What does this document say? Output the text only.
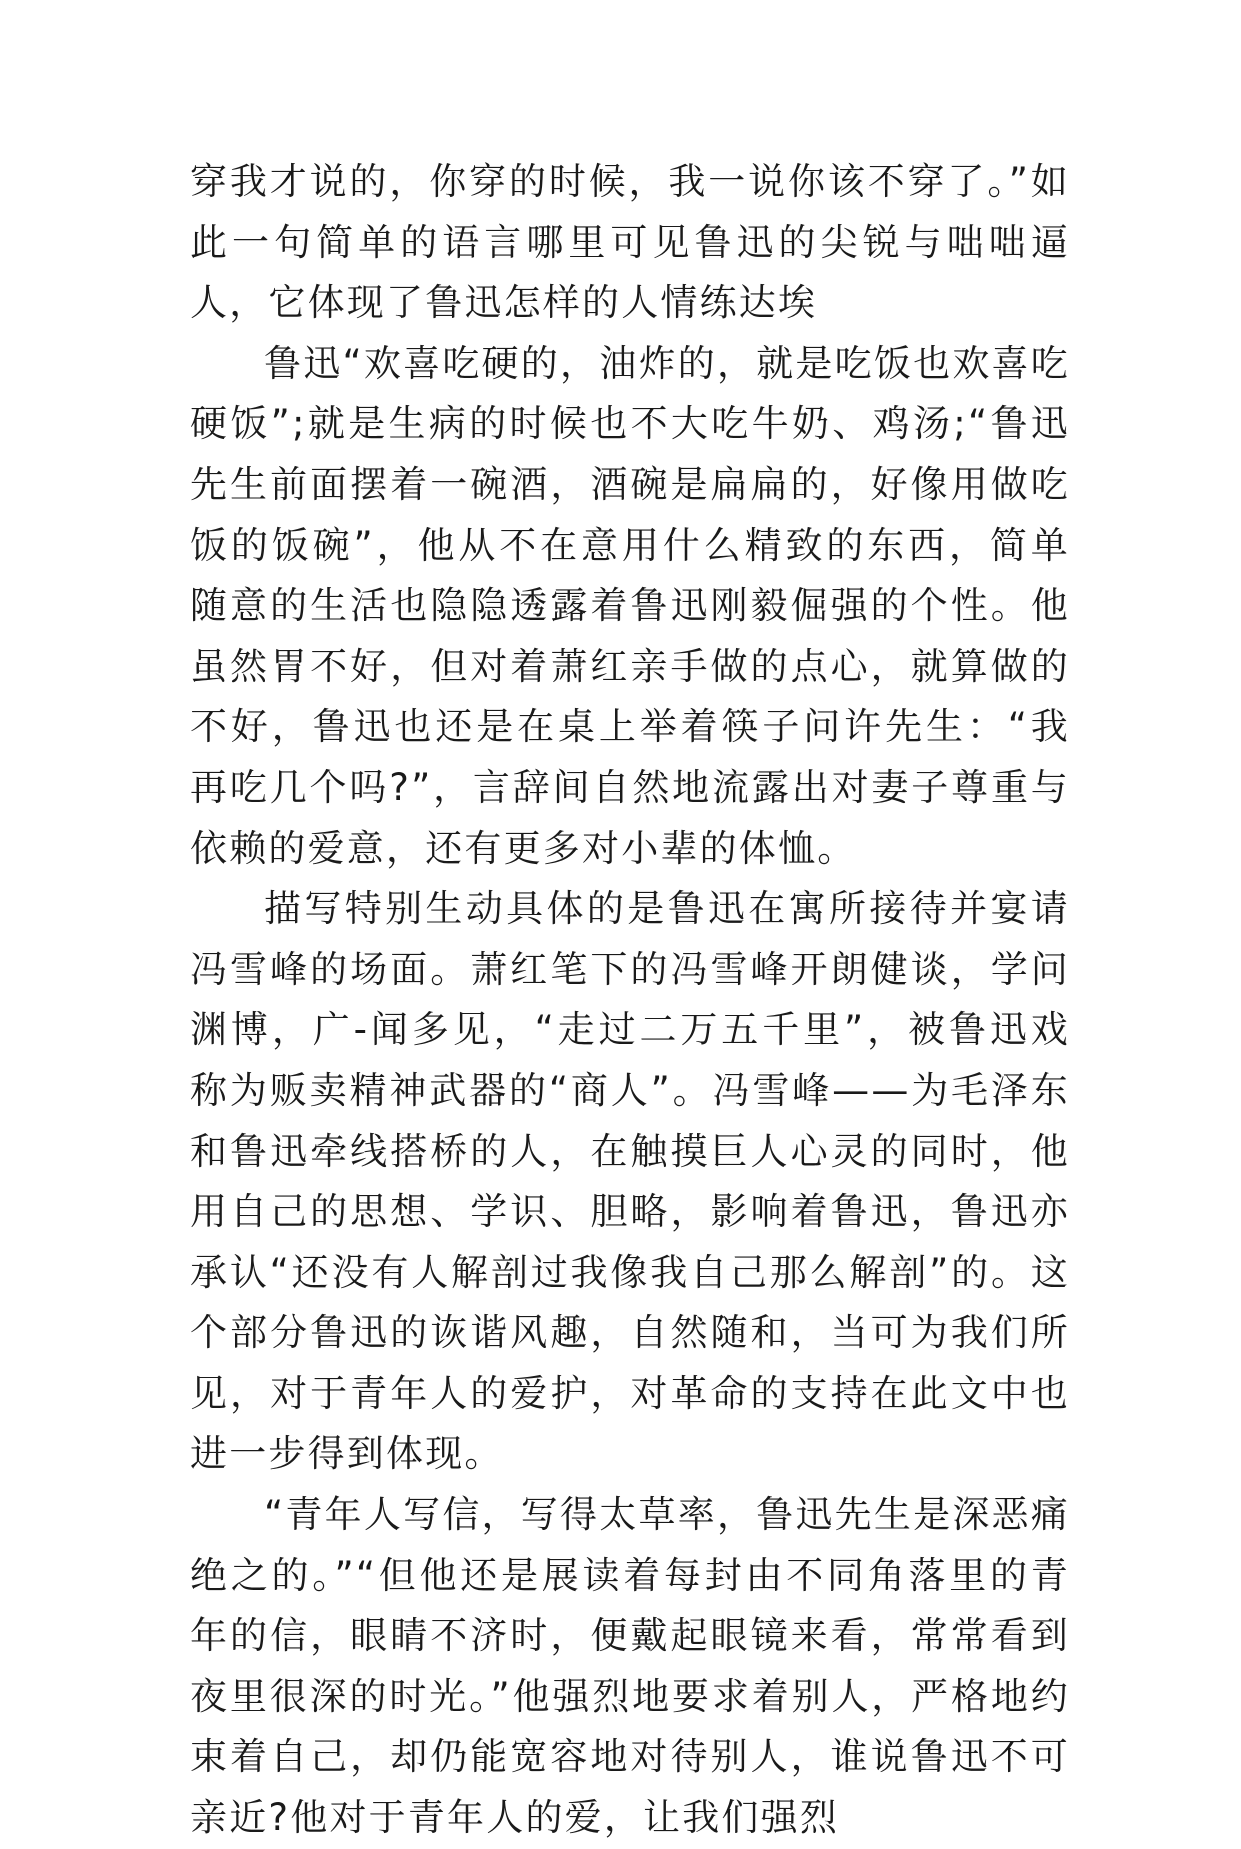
穿我才说的，你穿的时候，我一说你该不穿了。”如此一句简单的语言哪里可见鲁迅的尖锐与咄咄逼人，它体现了鲁迅怎样的人情练达埃

鲁迅“欢喜吃硬的，油炸的，就是吃饭也欢喜吃硬饭”;就是生病的时候也不大吃牛奶、鸡汤;“鲁迅先生前面摆着一碗酒，酒碗是扁扁的，好像用做吃饭的饭碗”，他从不在意用什么精致的东西，简单随意的生活也隐隐透露着鲁迅刚毅倔强的个性。他虽然胃不好，但对着萧红亲手做的点心，就算做的不好，鲁迅也还是在桌上举着筷子问许先生：“我再吃几个吗?”，言辞间自然地流露出对妻子尊重与依赖的爱意，还有更多对小辈的体恤。

描写特别生动具体的是鲁迅在寓所接待并宴请冯雪峰的场面。萧红笔下的冯雪峰开朗健谈，学问渊博，广-闻多见，“走过二万五千里”，被鲁迅戏称为贩卖精神武器的“商人”。冯雪峰——为毛泽东和鲁迅牵线搭桥的人，在触摸巨人心灵的同时，他用自己的思想、学识、胆略，影响着鲁迅，鲁迅亦承认“还没有人解剖过我像我自己那么解剖”的。这个部分鲁迅的诙谐风趣，自然随和，当可为我们所见，对于青年人的爱护，对革命的支持在此文中也进一步得到体现。

“青年人写信，写得太草率，鲁迅先生是深恶痛绝之的。”“但他还是展读着每封由不同角落里的青年的信，眼睛不济时，便戴起眼镜来看，常常看到夜里很深的时光。”他强烈地要求着别人，严格地约束着自己，却仍能宽容地对待别人，谁说鲁迅不可亲近?他对于青年人的爱，让我们强烈
